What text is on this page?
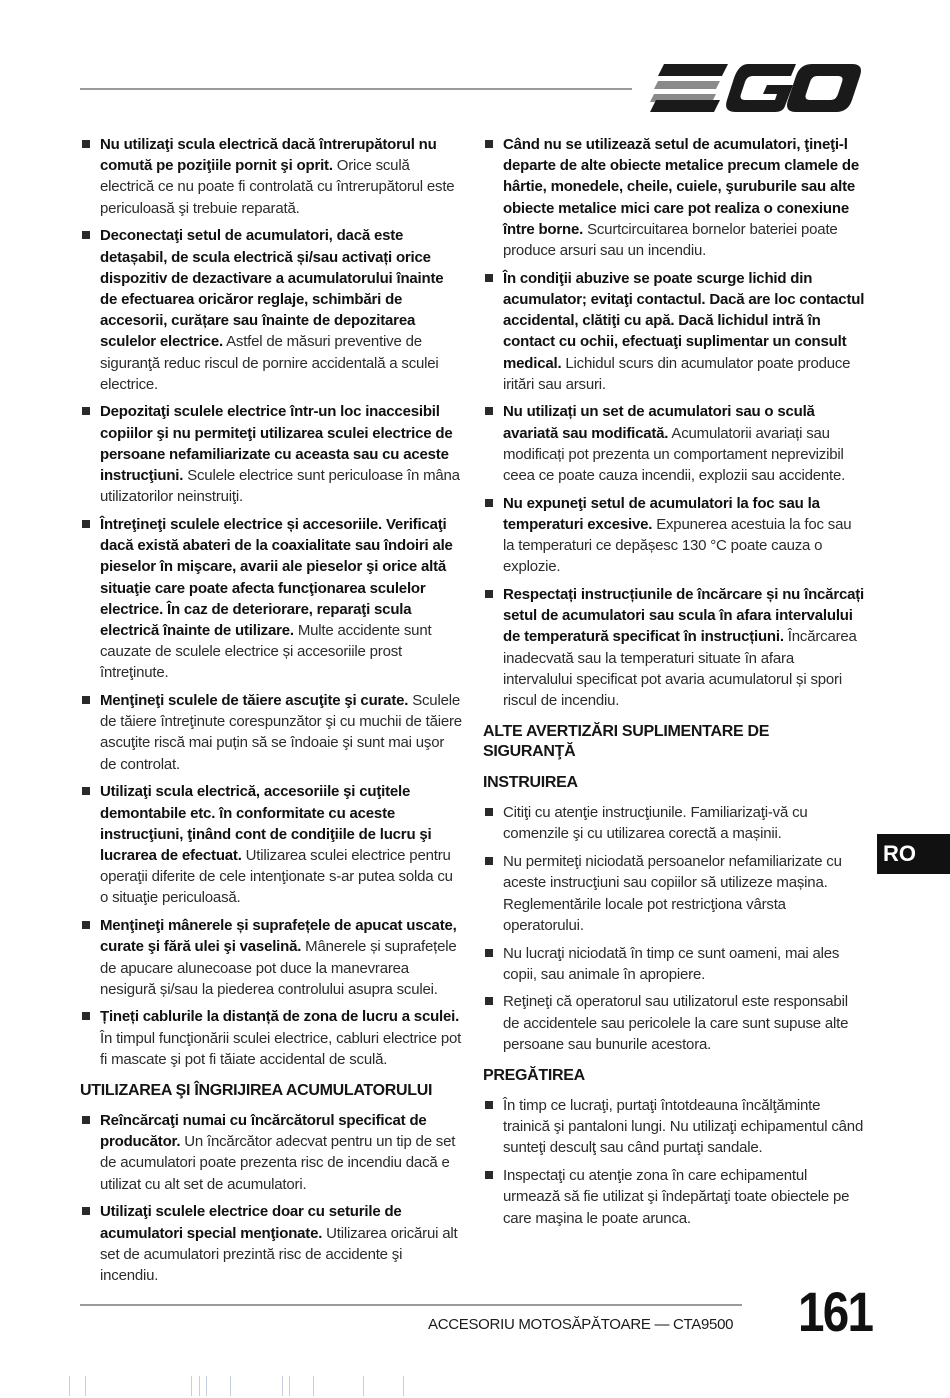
Nu utilizaţi scula electrică dacă întrerupătorul nu comută pe poziţiile pornit şi oprit. Orice sculă electrică ce nu poate fi controlată cu întrerupătorul este periculoasă şi trebuie reparată.
Deconectaţi setul de acumulatori, dacă este detașabil, de scula electrică și/sau activați orice dispozitiv de dezactivare a acumulatorului înainte de efectuarea oricăror reglaje, schimbări de accesorii, curățare sau înainte de depozitarea sculelor electrice. Astfel de măsuri preventive de siguranţă reduc riscul de pornire accidentală a sculei electrice.
Depozitaţi sculele electrice într-un loc inaccesibil copiilor şi nu permiteţi utilizarea sculei electrice de persoane nefamiliarizate cu aceasta sau cu aceste instrucţiuni. Sculele electrice sunt periculoase în mâna utilizatorilor neinstruiţi.
Întreţineţi sculele electrice și accesoriile. Verificaţi dacă există abateri de la coaxialitate sau îndoiri ale pieselor în mişcare, avarii ale pieselor şi orice altă situaţie care poate afecta funcţionarea sculelor electrice. În caz de deteriorare, reparaţi scula electrică înainte de utilizare. Multe accidente sunt cauzate de sculele electrice și accesoriile prost întreţinute.
Menţineţi sculele de tăiere ascuţite şi curate. Sculele de tăiere întreţinute corespunzător şi cu muchii de tăiere ascuţite riscă mai puțin să se îndoaie şi sunt mai uşor de controlat.
Utilizaţi scula electrică, accesoriile şi cuţitele demontabile etc. în conformitate cu aceste instrucţiuni, ţinând cont de condiţiile de lucru şi lucrarea de efectuat. Utilizarea sculei electrice pentru operaţii diferite de cele intenţionate s-ar putea solda cu o situaţie periculoasă.
Menţineţi mânerele și suprafețele de apucat uscate, curate şi fără ulei şi vaselină. Mânerele și suprafețele de apucare alunecoase pot duce la manevrarea nesigură și/sau la piederea controlului asupra sculei.
Țineți cablurile la distanță de zona de lucru a sculei. În timpul funcţionării sculei electrice, cabluri electrice pot fi mascate şi pot fi tăiate accidental de sculă.
UTILIZAREA ŞI ÎNGRIJIREA ACUMULATORULUI
Reîncărcaţi numai cu încărcătorul specificat de producător. Un încărcător adecvat pentru un tip de set de acumulatori poate prezenta risc de incendiu dacă e utilizat cu alt set de acumulatori.
Utilizaţi sculele electrice doar cu seturile de acumulatori special menţionate. Utilizarea oricărui alt set de acumulatori prezintă risc de accidente şi incendiu.
Când nu se utilizează setul de acumulatori, ţineţi-l departe de alte obiecte metalice precum clamele de hârtie, monedele, cheile, cuiele, şuruburile sau alte obiecte metalice mici care pot realiza o conexiune între borne. Scurtcircuitarea bornelor bateriei poate produce arsuri sau un incendiu.
În condiţii abuzive se poate scurge lichid din acumulator; evitaţi contactul. Dacă are loc contactul accidental, clătiţi cu apă. Dacă lichidul intră în contact cu ochii, efectuaţi suplimentar un consult medical. Lichidul scurs din acumulator poate produce iritări sau arsuri.
Nu utilizați un set de acumulatori sau o sculă avariată sau modificată. Acumulatorii avariați sau modificați pot prezenta un comportament neprevizibil ceea ce poate cauza incendii, explozii sau accidente.
Nu expuneţi setul de acumulatori la foc sau la temperaturi excesive. Expunerea acestuia la foc sau la temperaturi ce depășesc 130 °C poate cauza o explozie.
Respectați instrucțiunile de încărcare și nu încărcați setul de acumulatori sau scula în afara intervalului de temperatură specificat în instrucțiuni. Încărcarea inadecvată sau la temperaturi situate în afara intervalului specificat pot avaria acumulatorul și spori riscul de incendiu.
ALTE AVERTIZĂRI SUPLIMENTARE DE SIGURANŢĂ
INSTRUIREA
Citiţi cu atenţie instrucţiunile. Familiarizaţi-vă cu comenzile şi cu utilizarea corectă a mașinii.
Nu permiteţi niciodată persoanelor nefamiliarizate cu aceste instrucţiuni sau copiilor să utilizeze mașina. Reglementările locale pot restricţiona vârsta operatorului.
Nu lucraţi niciodată în timp ce sunt oameni, mai ales copii, sau animale în apropiere.
Reţineţi că operatorul sau utilizatorul este responsabil de accidentele sau pericolele la care sunt supuse alte persoane sau bunurile acestora.
PREGĂTIREA
În timp ce lucraţi, purtaţi întotdeauna încălţăminte trainică şi pantaloni lungi. Nu utilizaţi echipamentul când sunteţi desculţ sau când purtaţi sandale.
Inspectaţi cu atenţie zona în care echipamentul urmează să fie utilizat şi îndepărtaţi toate obiectele pe care maşina le poate arunca.
RO
ACCESORIU MOTOSĂPĂTOARE — CTA9500 161
